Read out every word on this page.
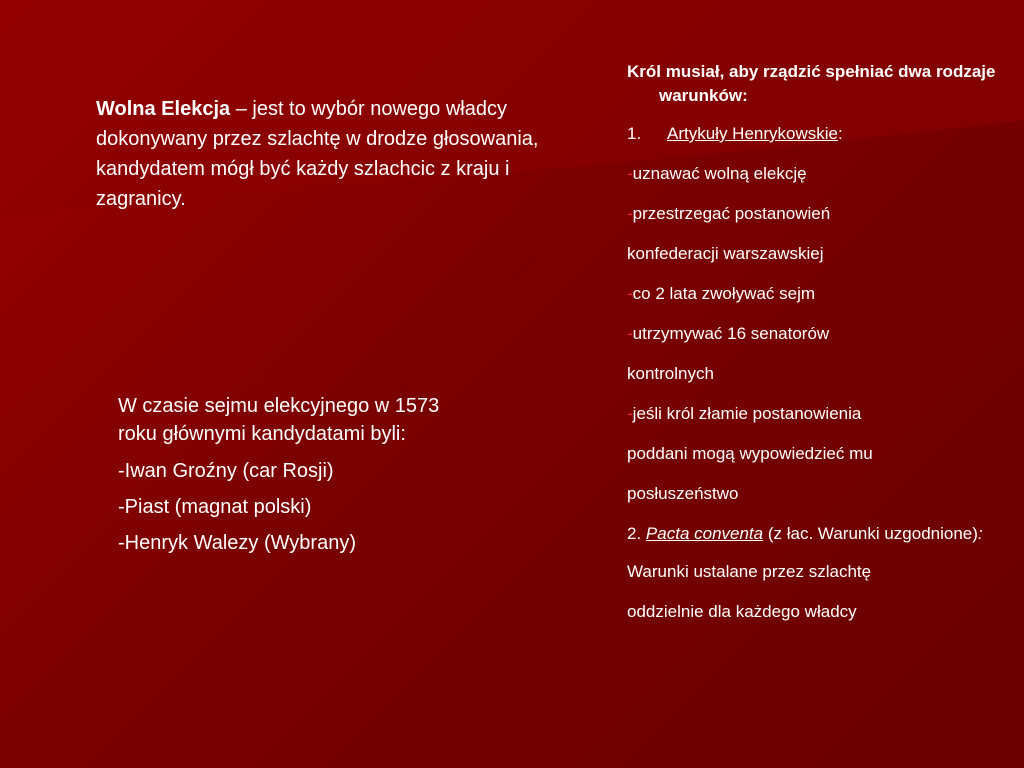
Wolna Elekcja – jest to wybór nowego władcy dokonywany przez szlachtę w drodze głosowania, kandydatem mógł być każdy szlachcic z kraju i zagranicy.
W czasie sejmu elekcyjnego w 1573 roku głównymi kandydatami byli:
-Iwan Groźny (car Rosji)
-Piast (magnat polski)
-Henryk Walezy (Wybrany)
Król musiał, aby rządzić spełniać dwa rodzaje warunków:
1. Artykuły Henrykowskie:
-uznawać wolną elekcję
-przestrzegać postanowień
konfederacji warszawskiej
-co 2 lata zwoływać sejm
-utrzymywać 16 senatorów
kontrolnych
-jeśli król złamie postanowienia
poddani mogą wypowiedzieć mu
posłuszeństwo
2. Pacta conventa (z łac. Warunki uzgodnione):
Warunki ustalane przez szlachtę
oddzielnie dla każdego władcy
